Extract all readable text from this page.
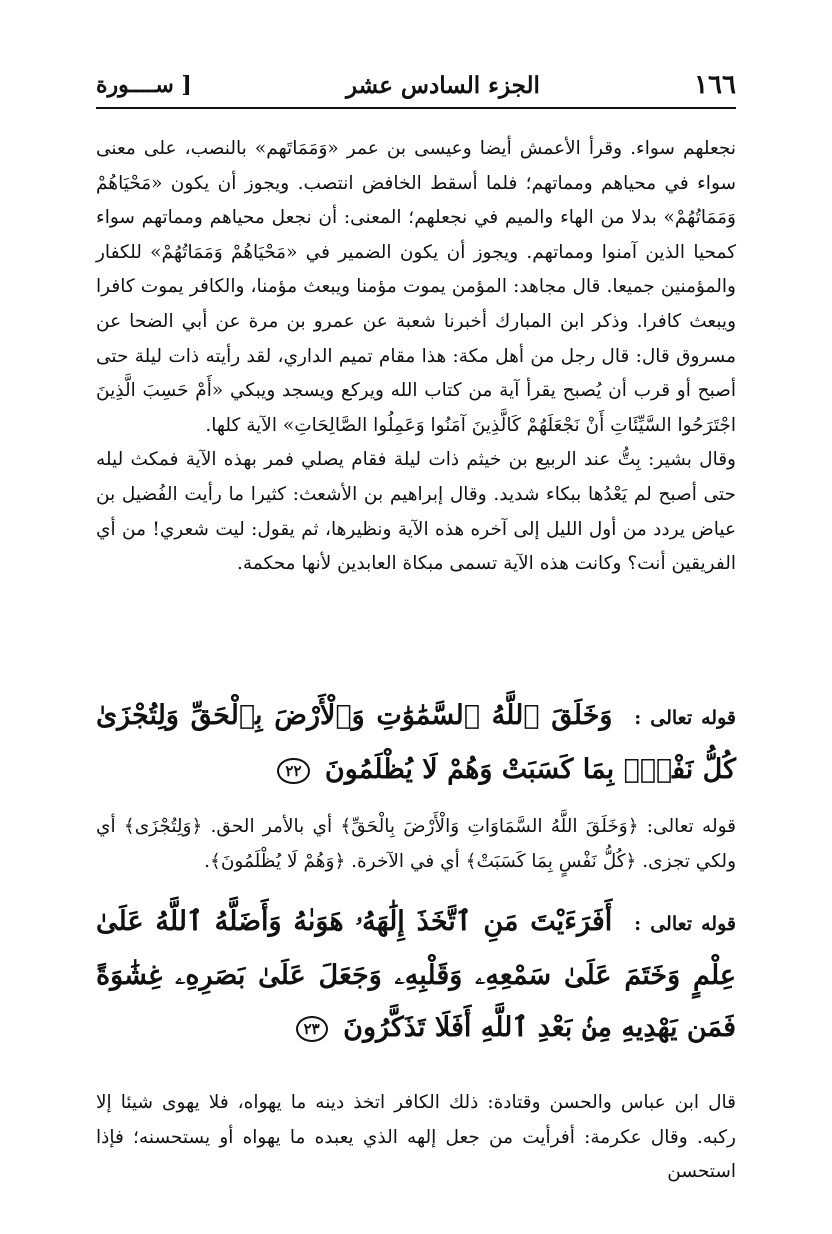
١٦٦
الجزء السادس عشر
[ ســــورة

نجعلهم سواء. وقرأ الأعمش أيضا وعيسى بن عمر «وَمَمَاتَهم» بالنصب، على معنى سواء في محياهم ومماتهم؛ فلما أسقط الخافض انتصب. ويجوز أن يكون «مَحْيَاهُمْ وَمَمَاتُهُمْ» بدلا من الهاء والميم في نجعلهم؛ المعنى: أن نجعل محياهم ومماتهم سواء كمحيا الذين آمنوا ومماتهم. ويجوز أن يكون الضمير في «مَحْيَاهُمْ وَمَمَاتُهُمْ» للكفار والمؤمنين جميعا. قال مجاهد: المؤمن يموت مؤمنا ويبعث مؤمنا، والكافر يموت كافرا ويبعث كافرا. وذكر ابن المبارك أخبرنا شعبة عن عمرو بن مرة عن أبي الضحا عن مسروق قال: قال رجل من أهل مكة: هذا مقام تميم الداري، لقد رأيته ذات ليلة حتى أصبح أو قرب أن يُصبح يقرأ آية من كتاب الله ويركع ويسجد ويبكي «أَمْ حَسِبَ الَّذِينَ اجْتَرَحُوا السَّيِّئَاتِ أَنْ نَجْعَلَهُمْ كَالَّذِينَ آمَنُوا وَعَمِلُوا الصَّالِحَاتِ» الآية كلها.

وقال بشير: بِتُّ عند الربيع بن خيثم ذات ليلة فقام يصلي فمر بهذه الآية فمكث ليله حتى أصبح لم يَعْدُها ببكاء شديد. وقال إبراهيم بن الأشعث: كثيرا ما رأيت الفُضيل بن عياض يردد من أول الليل إلى آخره هذه الآية ونظيرها، ثم يقول: ليت شعري! من أي الفريقين أنت؟ وكانت هذه الآية تسمى مبكاة العابدين لأنها محكمة.

قوله تعالى : وَخَلَقَ ٱللَّهُ ٱلسَّمَٰوَٰتِ وَٱلْأَرْضَ بِٱلْحَقِّ وَلِتُجْزَىٰ كُلُّ نَفْسٍۭ بِمَا كَسَبَتْ وَهُمْ لَا يُظْلَمُونَ ٢٢

قوله تعالى: ﴿وَخَلَقَ اللَّهُ السَّمَاوَاتِ وَالْأَرْضَ بِالْحَقِّ﴾ أي بالأمر الحق. ﴿وَلِتُجْزَى﴾ أي ولكي تجزى. ﴿كُلُّ نَفْسٍ بِمَا كَسَبَتْ﴾ أي في الآخرة. ﴿وَهُمْ لَا يُظْلَمُونَ﴾.

قوله تعالى : أَفَرَءَيْتَ مَنِ ٱتَّخَذَ إِلَٰهَهُۥ هَوَىٰهُ وَأَضَلَّهُ ٱللَّهُ عَلَىٰ عِلْمٍ وَخَتَمَ عَلَىٰ سَمْعِهِۦ وَقَلْبِهِۦ وَجَعَلَ عَلَىٰ بَصَرِهِۦ غِشَٰوَةً فَمَن يَهْدِيهِ مِنۢ بَعْدِ ٱللَّهِ أَفَلَا تَذَكَّرُونَ ٢٣

قال ابن عباس والحسن وقتادة: ذلك الكافر اتخذ دينه ما يهواه، فلا يهوى شيئا إلا ركبه. وقال عكرمة: أفرأيت من جعل إلهه الذي يعبده ما يهواه أو يستحسنه؛ فإذا استحسن
